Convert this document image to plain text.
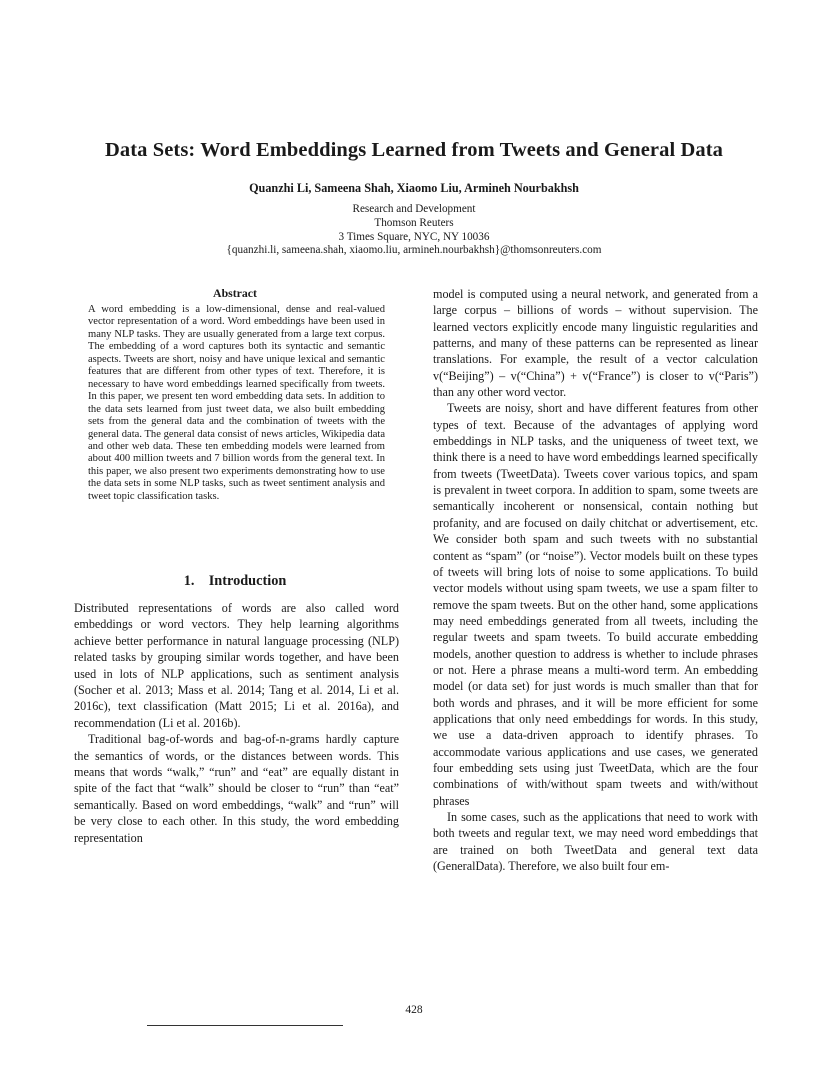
Data Sets: Word Embeddings Learned from Tweets and General Data
Quanzhi Li, Sameena Shah, Xiaomo Liu, Armineh Nourbakhsh
Research and Development
Thomson Reuters
3 Times Square, NYC, NY 10036
{quanzhi.li, sameena.shah, xiaomo.liu, armineh.nourbakhsh}@thomsonreuters.com
Abstract

A word embedding is a low-dimensional, dense and real-valued vector representation of a word. Word embeddings have been used in many NLP tasks. They are usually generated from a large text corpus. The embedding of a word captures both its syntactic and semantic aspects. Tweets are short, noisy and have unique lexical and semantic features that are different from other types of text. Therefore, it is necessary to have word embeddings learned specifically from tweets. In this paper, we present ten word embedding data sets. In addition to the data sets learned from just tweet data, we also built embedding sets from the general data and the combination of tweets with the general data. The general data consist of news articles, Wikipedia data and other web data. These ten embedding models were learned from about 400 million tweets and 7 billion words from the general text. In this paper, we also present two experiments demonstrating how to use the data sets in some NLP tasks, such as tweet sentiment analysis and tweet topic classification tasks.

1. Introduction

Distributed representations of words are also called word embeddings or word vectors. They help learning algorithms achieve better performance in natural language processing (NLP) related tasks by grouping similar words together, and have been used in lots of NLP applications, such as sentiment analysis (Socher et al. 2013; Mass et al. 2014; Tang et al. 2014, Li et al. 2016c), text classification (Matt 2015; Li et al. 2016a), and recommendation (Li et al. 2016b).

Traditional bag-of-words and bag-of-n-grams hardly capture the semantics of words, or the distances between words. This means that words “walk,” “run” and “eat” are equally distant in spite of the fact that “walk” should be closer to “run” than “eat” semantically. Based on word embeddings, “walk” and “run” will be very close to each other. In this study, the word embedding representation

model is computed using a neural network, and generated from a large corpus – billions of words – without supervision. The learned vectors explicitly encode many linguistic regularities and patterns, and many of these patterns can be represented as linear translations. For example, the result of a vector calculation v(“Beijing”) – v(“China”) + v(“France”) is closer to v(“Paris”) than any other word vector.

Tweets are noisy, short and have different features from other types of text. Because of the advantages of applying word embeddings in NLP tasks, and the uniqueness of tweet text, we think there is a need to have word embeddings learned specifically from tweets (TweetData). Tweets cover various topics, and spam is prevalent in tweet corpora. In addition to spam, some tweets are semantically incoherent or nonsensical, contain nothing but profanity, and are focused on daily chitchat or advertisement, etc. We consider both spam and such tweets with no substantial content as “spam” (or “noise”). Vector models built on these types of tweets will bring lots of noise to some applications. To build vector models without using spam tweets, we use a spam filter to remove the spam tweets. But on the other hand, some applications may need embeddings generated from all tweets, including the regular tweets and spam tweets. To build accurate embedding models, another question to address is whether to include phrases or not. Here a phrase means a multi-word term. An embedding model (or data set) for just words is much smaller than that for both words and phrases, and it will be more efficient for some applications that only need embeddings for words. In this study, we use a data-driven approach to identify phrases. To accommodate various applications and use cases, we generated four embedding sets using just TweetData, which are the four combinations of with/without spam tweets and with/without phrases

In some cases, such as the applications that need to work with both tweets and regular text, we may need word embeddings that are trained on both TweetData and general text data (GeneralData). Therefore, we also built four em-

428
